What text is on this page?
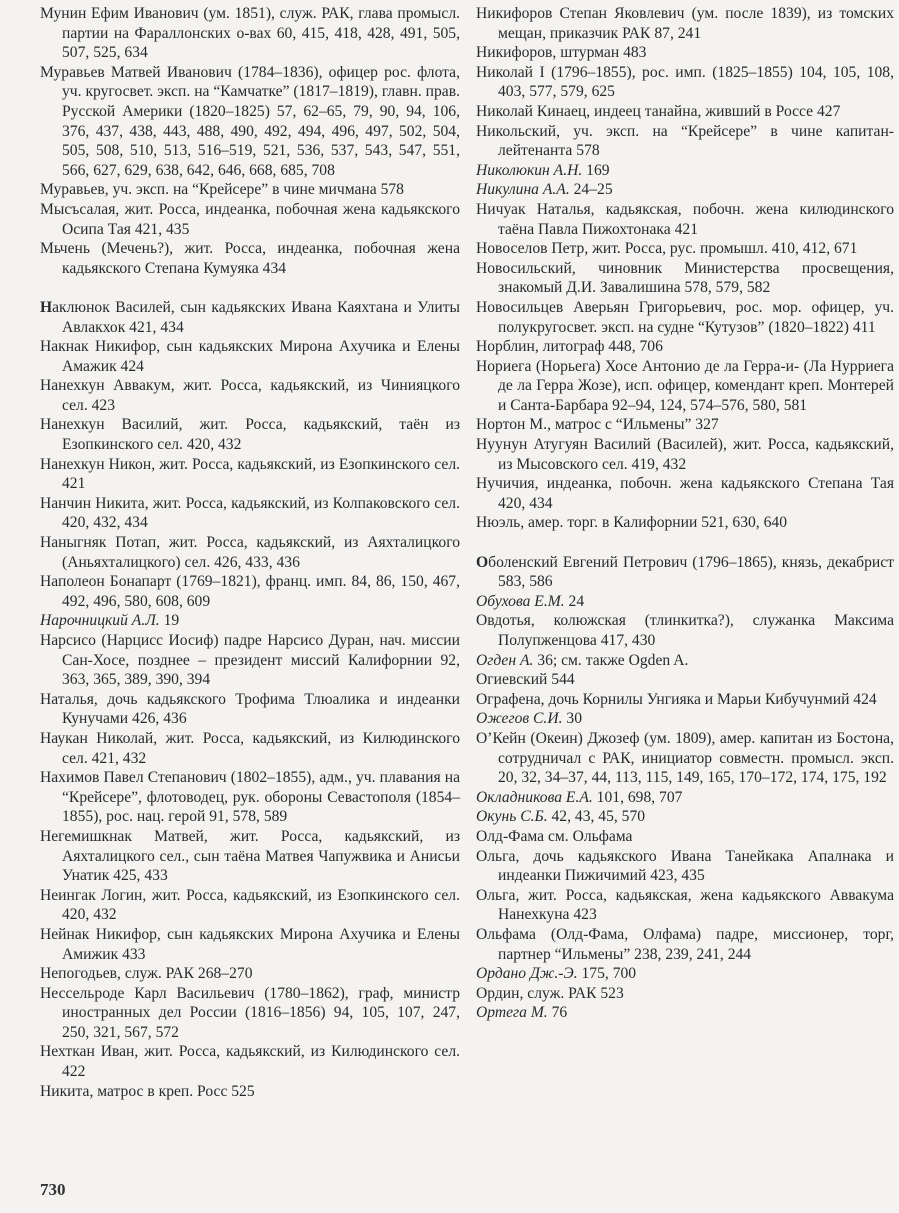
Мунин Ефим Иванович (ум. 1851), служ. РАК, глава промысл. партии на Фараллонских о-вах 60, 415, 418, 428, 491, 505, 507, 525, 634

Муравьев Матвей Иванович (1784–1836), офицер рос. флота, уч. кругосвет. эксп. на “Камчатке” (1817–1819), главн. прав. Русской Америки (1820–1825) 57, 62–65, 79, 90, 94, 106, 376, 437, 438, 443, 488, 490, 492, 494, 496, 497, 502, 504, 505, 508, 510, 513, 516–519, 521, 536, 537, 543, 547, 551, 566, 627, 629, 638, 642, 646, 668, 685, 708

Муравьев, уч. эксп. на “Крейсере” в чине мичмана 578

Мысъсалая, жит. Росса, индеанка, побочная жена кадьякского Осипа Тая 421, 435

Мьчень (Мечень?), жит. Росса, индеанка, побочная жена кадьякского Степана Кумуяка 434

Наклюнок Василей, сын кадьякских Ивана Каяхтана и Улиты Авлакхок 421, 434

Накнак Никифор, сын кадьякских Мирона Ахучика и Елены Амажик 424

Нанехкун Аввакум, жит. Росса, кадьякский, из Чинияцкого сел. 423

Нанехкун Василий, жит. Росса, кадьякский, таён из Езопкинского сел. 420, 432

Нанехкун Никон, жит. Росса, кадьякский, из Езопкинского сел. 421

Нанчин Никита, жит. Росса, кадьякский, из Колпаковского сел. 420, 432, 434

Наныгняк Потап, жит. Росса, кадьякский, из Аяхталицкого (Аньяхталицкого) сел. 426, 433, 436

Наполеон Бонапарт (1769–1821), франц. имп. 84, 86, 150, 467, 492, 496, 580, 608, 609

Нарочницкий А.Л. 19

Нарсисо (Нарцисс Иосиф) падре Нарсисо Дуран, нач. миссии Сан-Хосе, позднее – президент миссий Калифорнии 92, 363, 365, 389, 390, 394

Наталья, дочь кадьякского Трофима Тлюалика и индеанки Кунучами 426, 436

Наукан Николай, жит. Росса, кадьякский, из Килюдинского сел. 421, 432

Нахимов Павел Степанович (1802–1855), адм., уч. плавания на “Крейсере”, флотоводец, рук. обороны Севастополя (1854–1855), рос. нац. герой 91, 578, 589

Негемишкнак Матвей, жит. Росса, кадьякский, из Аяхталицкого сел., сын таёна Матвея Чапужвика и Анисьи Унатик 425, 433

Неингак Логин, жит. Росса, кадьякский, из Езопкинского сел. 420, 432

Нейнак Никифор, сын кадьякских Мирона Ахучика и Елены Амижик 433

Непогодьев, служ. РАК 268–270

Нессельроде Карл Васильевич (1780–1862), граф, министр иностранных дел России (1816–1856) 94, 105, 107, 247, 250, 321, 567, 572

Нехткан Иван, жит. Росса, кадьякский, из Килюдинского сел. 422

Никита, матрос в креп. Росс 525

Никифоров Степан Яковлевич (ум. после 1839), из томских мещан, приказчик РАК 87, 241

Никифоров, штурман 483

Николай I (1796–1855), рос. имп. (1825–1855) 104, 105, 108, 403, 577, 579, 625

Николай Кинаец, индеец танайна, живший в Россе 427

Никольский, уч. эксп. на “Крейсере” в чине капитан-лейтенанта 578

Николюкин А.Н. 169

Никулина А.А. 24–25

Ничуак Наталья, кадьякская, побочн. жена килюдинского таёна Павла Пижохтонака 421

Новоселов Петр, жит. Росса, рус. промышл. 410, 412, 671

Новосильский, чиновник Министерства просвещения, знакомый Д.И. Завалишина 578, 579, 582

Новосильцев Аверьян Григорьевич, рос. мор. офицер, уч. полукругосвет. эксп. на судне “Кутузов” (1820–1822) 411

Норблин, литограф 448, 706

Нориега (Норьега) Хосе Антонио де ла Герра-и- (Ла Нурриега де ла Герра Жозе), исп. офицер, комендант креп. Монтерей и Санта-Барбара 92–94, 124, 574–576, 580, 581

Нортон М., матрос с “Ильмены” 327

Нуунун Атугуян Василий (Василей), жит. Росса, кадьякский, из Мысовского сел. 419, 432

Нучичия, индеанка, побочн. жена кадьякского Степана Тая 420, 434

Нюэль, амер. торг. в Калифорнии 521, 630, 640

Оболенский Евгений Петрович (1796–1865), князь, декабрист 583, 586

Обухова Е.М. 24

Овдотья, колюжская (тлинкитка?), служанка Максима Полупженцова 417, 430

Огден А. 36; см. также Ogden A.

Огиевский 544

Ографена, дочь Корнилы Унгияка и Марьи Кибучунмий 424

Ожегов С.И. 30

О’Кейн (Океин) Джозеф (ум. 1809), амер. капитан из Бостона, сотрудничал с РАК, инициатор совместн. промысл. эксп. 20, 32, 34–37, 44, 113, 115, 149, 165, 170–172, 174, 175, 192

Окладникова Е.А. 101, 698, 707

Окунь С.Б. 42, 43, 45, 570

Олд-Фама см. Ольфама

Ольга, дочь кадьякского Ивана Танейкака Апалнака и индеанки Пижичимий 423, 435

Ольга, жит. Росса, кадьякская, жена кадьякского Аввакума Нанехкуна 423

Ольфама (Олд-Фама, Олфама) падре, миссионер, торг, партнер “Ильмены” 238, 239, 241, 244

Ордано Дж.-Э. 175, 700

Ордин, служ. РАК 523

Ортега М. 76

730
